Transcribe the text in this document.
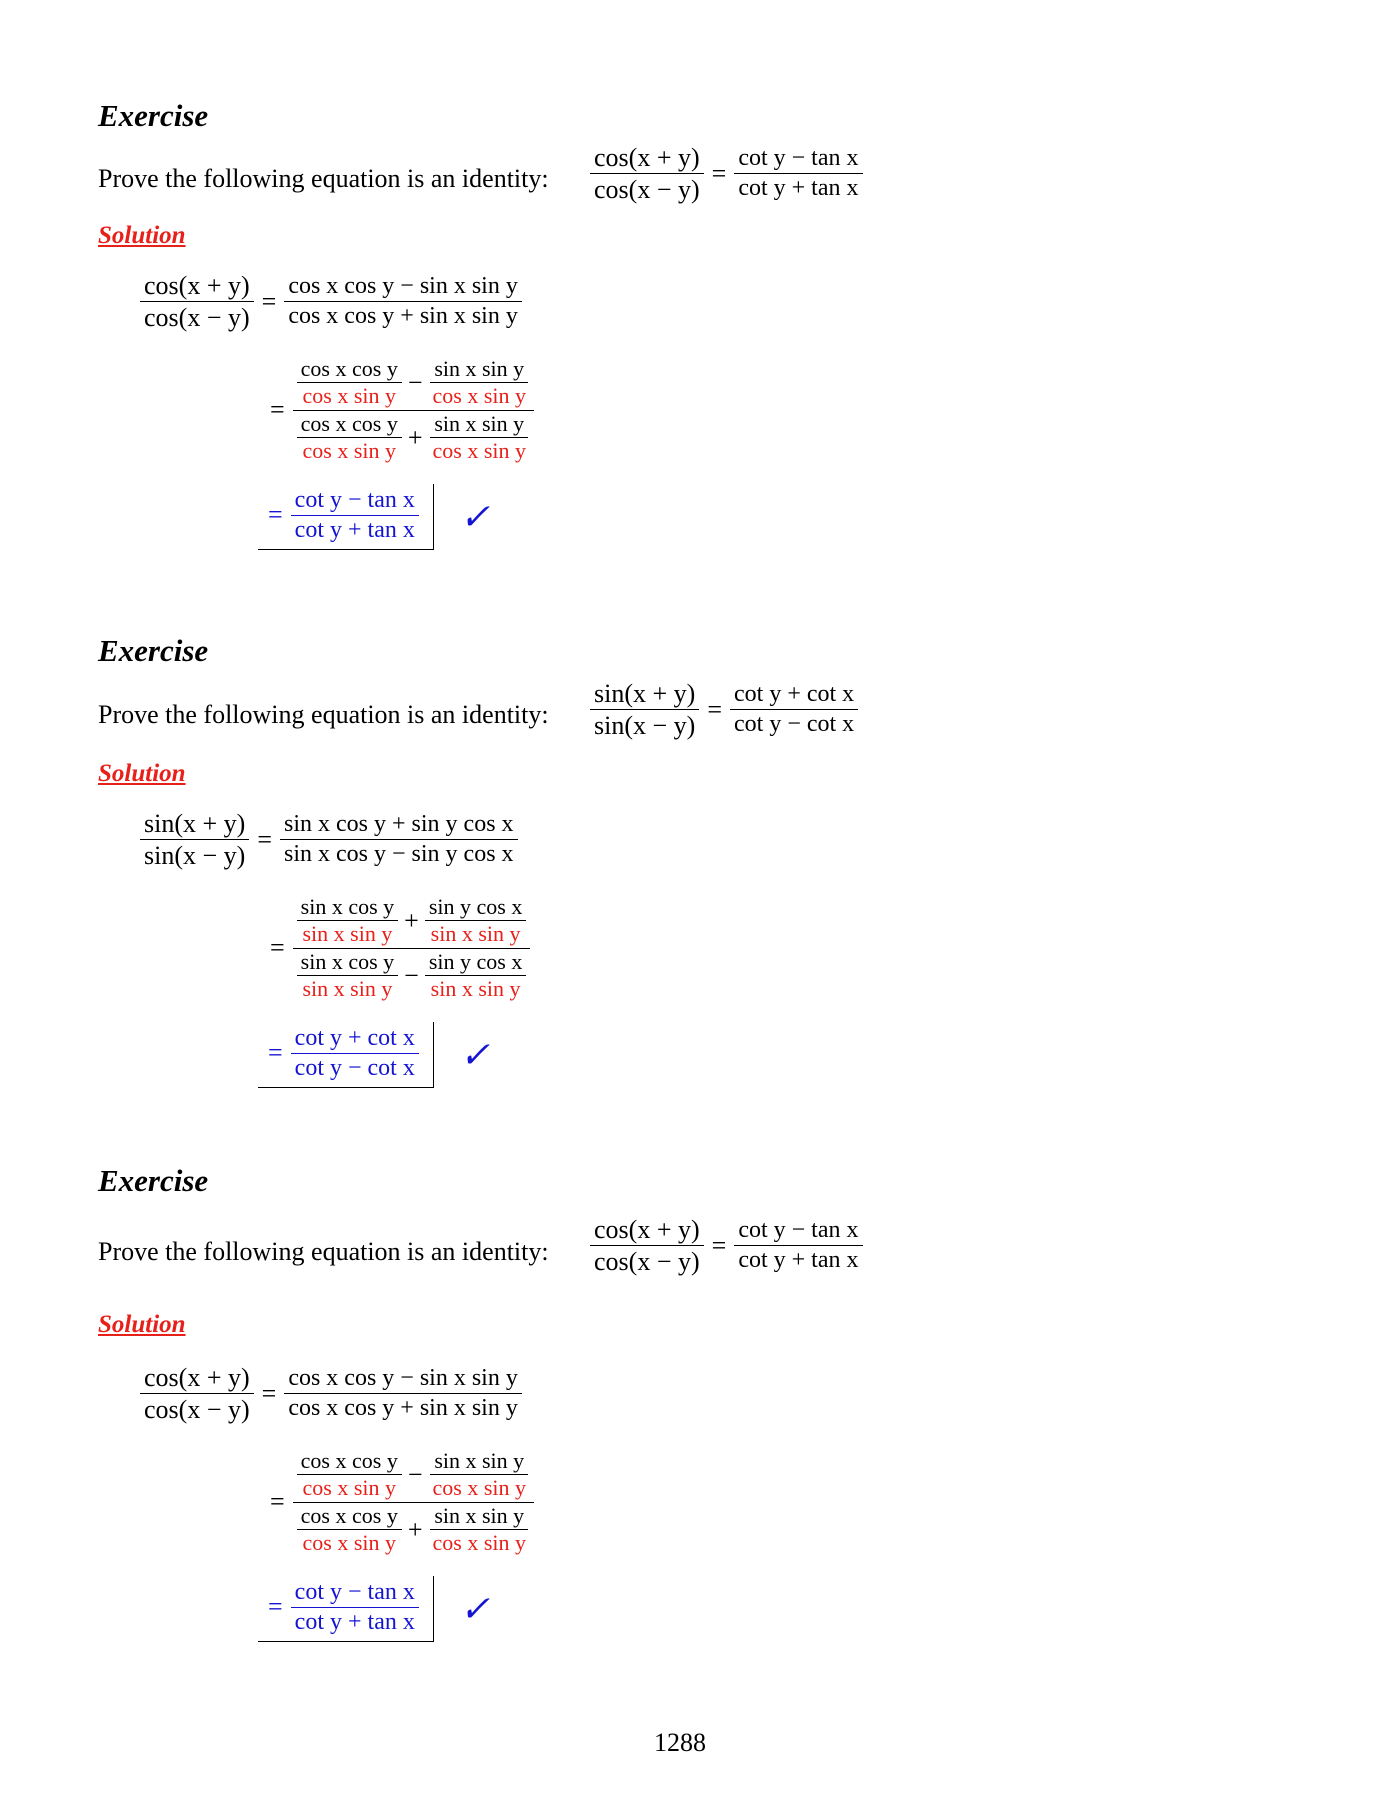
Exercise
Prove the following equation is an identity: $\frac{\cos(x + y)}{\cos(x - y)} = \frac{\text{cot y − tan x}}{\text{cot y + tan x}}$
Solution
$\frac{\cos(x + y)}{\cos(x - y)} = \frac{\text{cos x cos y − sin x sin y}}{\text{cos x cos y + sin x sin y}}$
= $\frac{\frac{\text{cos x cos y}}{\text{cos x sin y}} - \frac{\text{sin x sin y}}{\text{cos x sin y}}}{\frac{\text{cos x cos y}}{\text{cos x sin y}} + \frac{\text{sin x sin y}}{\text{cos x sin y}}}$
= $\frac{\text{cot y − tan x}}{\text{cot y + tan x}}$ ✓
Exercise
Prove the following equation is an identity: $\frac{\sin(x + y)}{\sin(x - y)} = \frac{\text{cot y + cot x}}{\text{cot y − cot x}}$
Solution
$\frac{\sin(x + y)}{\sin(x - y)} = \frac{\text{sin x cos y + sin y cos x}}{\text{sin x cos y − sin y cos x}}$
= $\frac{\frac{\text{sin x cos y}}{\text{sin x sin y}} + \frac{\text{sin y cos x}}{\text{sin x sin y}}}{\frac{\text{sin x cos y}}{\text{sin x sin y}} - \frac{\text{sin y cos x}}{\text{sin x sin y}}}$
= $\frac{\text{cot y + cot x}}{\text{cot y − cot x}}$ ✓
Exercise
Prove the following equation is an identity: $\frac{\cos(x + y)}{\cos(x - y)} = \frac{\text{cot y − tan x}}{\text{cot y + tan x}}$
Solution
$\frac{\cos(x + y)}{\cos(x - y)} = \frac{\text{cos x cos y − sin x sin y}}{\text{cos x cos y + sin x sin y}}$
= $\frac{\frac{\text{cos x cos y}}{\text{cos x sin y}} - \frac{\text{sin x sin y}}{\text{cos x sin y}}}{\frac{\text{cos x cos y}}{\text{cos x sin y}} + \frac{\text{sin x sin y}}{\text{cos x sin y}}}$
= $\frac{\text{cot y − tan x}}{\text{cot y + tan x}}$ ✓
1288
